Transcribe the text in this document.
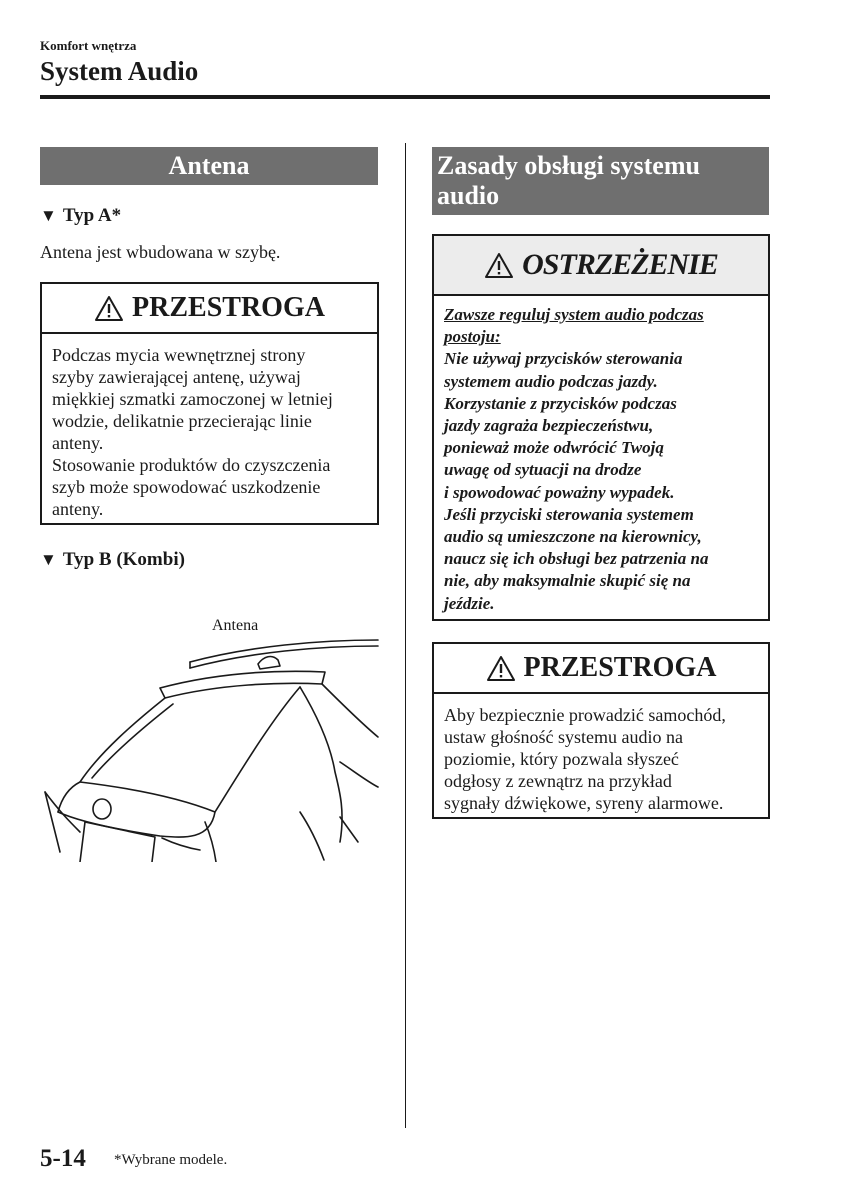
Komfort wnętrza
System Audio
Antena
▼ Typ A*
Antena jest wbudowana w szybę.
PRZESTROGA
Podczas mycia wewnętrznej strony
szyby zawierającej antenę, używaj
miękkiej szmatki zamoczonej w letniej
wodzie, delikatnie przecierając linie
anteny.
Stosowanie produktów do czyszczenia
szyb może spowodować uszkodzenie
anteny.
▼ Typ B (Kombi)
Antena
Zasady obsługi systemu
audio
OSTRZEŻENIE
Zawsze reguluj system audio podczas
postoju:
Nie używaj przycisków sterowania
systemem audio podczas jazdy.
Korzystanie z przycisków podczas
jazdy zagraża bezpieczeństwu,
ponieważ może odwrócić Twoją
uwagę od sytuacji na drodze
i spowodować poważny wypadek.
Jeśli przyciski sterowania systemem
audio są umieszczone na kierownicy,
naucz się ich obsługi bez patrzenia na
nie, aby maksymalnie skupić się na
jeździe.
PRZESTROGA
Aby bezpiecznie prowadzić samochód,
ustaw głośność systemu audio na
poziomie, który pozwala słyszeć
odgłosy z zewnątrz na przykład
sygnały dźwiękowe, syreny alarmowe.
5-14 *Wybrane modele.
